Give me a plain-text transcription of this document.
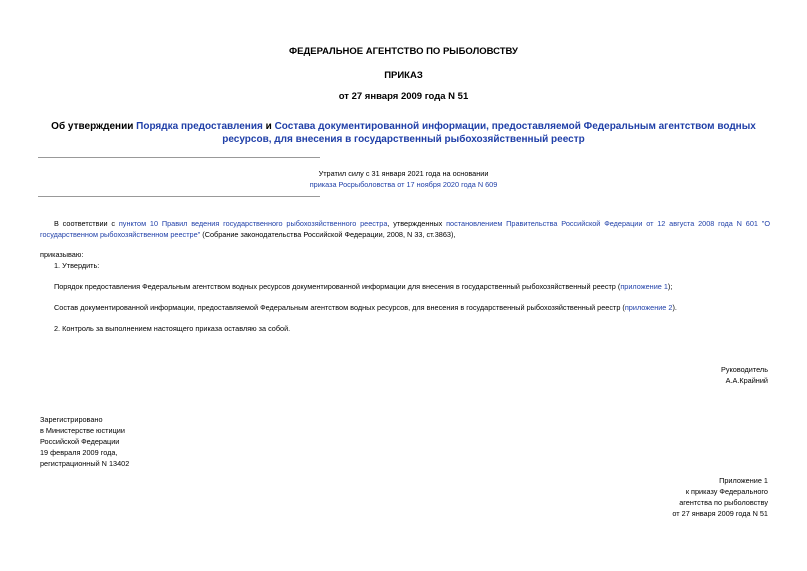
ФЕДЕРАЛЬНОЕ АГЕНТСТВО ПО РЫБОЛОВСТВУ
ПРИКАЗ
от 27 января 2009 года N 51
Об утверждении Порядка предоставления и Состава документированной информации, предоставляемой Федеральным агентством водных ресурсов, для внесения в государственный рыбохозяйственный реестр
Утратил силу с 31 января 2021 года на основании
приказа Росрыболовства от 17 ноября 2020 года N 609
В соответствии с пунктом 10 Правил ведения государственного рыбохозяйственного реестра, утвержденных постановлением Правительства Российской Федерации от 12 августа 2008 года N 601 "О государственном рыбохозяйственном реестре" (Собрание законодательства Российской Федерации, 2008, N 33, ст.3863),
приказываю:
1. Утвердить:
Порядок предоставления Федеральным агентством водных ресурсов документированной информации для внесения в государственный рыбохозяйственный реестр (приложение 1);
Состав документированной информации, предоставляемой Федеральным агентством водных ресурсов, для внесения в государственный рыбохозяйственный реестр (приложение 2).
2. Контроль за выполнением настоящего приказа оставляю за собой.
Руководитель
А.А.Крайний
Зарегистрировано
в Министерстве юстиции
Российской Федерации
19 февраля 2009 года,
регистрационный N 13402
Приложение 1
к приказу Федерального
агентства по рыболовству
от 27 января 2009 года N 51
